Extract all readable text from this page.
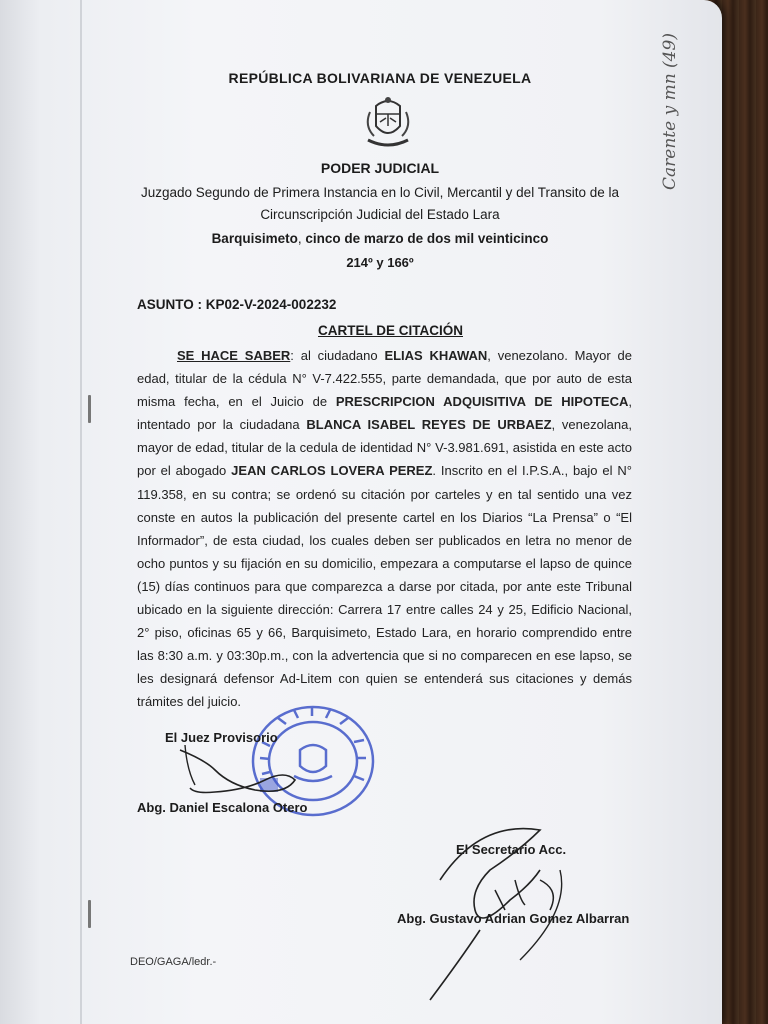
REPÚBLICA BOLIVARIANA DE VENEZUELA
PODER JUDICIAL
Juzgado Segundo de Primera Instancia en lo Civil, Mercantil y del Transito de la
Circunscripción Judicial del Estado Lara
Barquisimeto, cinco de marzo de dos mil veinticinco
214º y 166º
ASUNTO : KP02-V-2024-002232
CARTEL DE CITACIÓN
SE HACE SABER: al ciudadano ELIAS KHAWAN, venezolano. Mayor de edad, titular de la cédula N° V-7.422.555, parte demandada, que por auto de esta misma fecha, en el Juicio de PRESCRIPCION ADQUISITIVA DE HIPOTECA, intentado por la ciudadana BLANCA ISABEL REYES DE URBAEZ, venezolana, mayor de edad, titular de la cedula de identidad N° V-3.981.691, asistida en este acto por el abogado JEAN CARLOS LOVERA PEREZ. Inscrito en el I.P.S.A., bajo el N° 119.358, en su contra; se ordenó su citación por carteles y en tal sentido una vez conste en autos la publicación del presente cartel en los Diarios “La Prensa” o “El Informador”, de esta ciudad, los cuales deben ser publicados en letra no menor de ocho puntos y su fijación en su domicilio, empezara a computarse el lapso de quince (15) días continuos para que comparezca a darse por citada, por ante este Tribunal ubicado en la siguiente dirección: Carrera 17 entre calles 24 y 25, Edificio Nacional, 2° piso, oficinas 65 y 66, Barquisimeto, Estado Lara, en horario comprendido entre las 8:30 a.m. y 03:30p.m., con la advertencia que si no comparecen en ese lapso, se les designará defensor Ad-Litem con quien se entenderá sus citaciones y demás trámites del juicio.
El Juez Provisorio
Abg. Daniel Escalona Otero
El Secretario Acc.
Abg. Gustavo Adrian Gomez Albarran
DEO/GAGA/ledr.-
Carente y mn (49)
